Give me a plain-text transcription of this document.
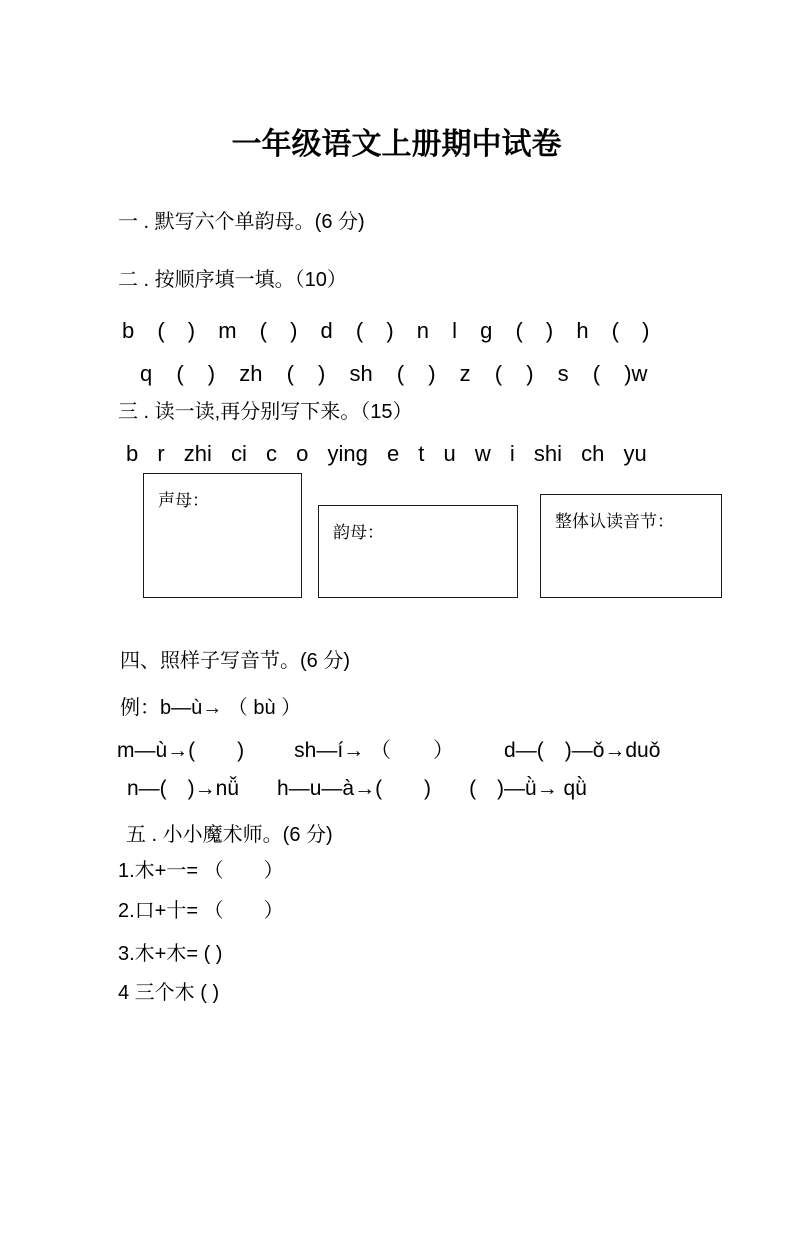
一年级语文上册期中试卷
一 . 默写六个单韵母。(6 分)
二 . 按顺序填一填。（10）
b ( ) m ( ) d ( ) n l g ( ) h ( )
q ( ) zh ( ) sh ( ) z ( ) s ( )w
三 . 读一读,再分别写下来。（15）
b r zhi ci c o ying e t u w i shi ch yu
声母：
韵母：
整体认读音节：
四、照样子写音节。(6 分)
例：b—ù→ （ bù ）
m—ù→(　　) sh—í→ （　　） d—(　)—ǒ→duǒ
n—(　)→nǚ h—u—à→(　　) (　)—ǜ→ qǜ
五 . 小小魔术师。(6 分)
1.木+一= （　　）
2.口+十= （　　）
3.木+木= ( )
4 三个木 ( )
